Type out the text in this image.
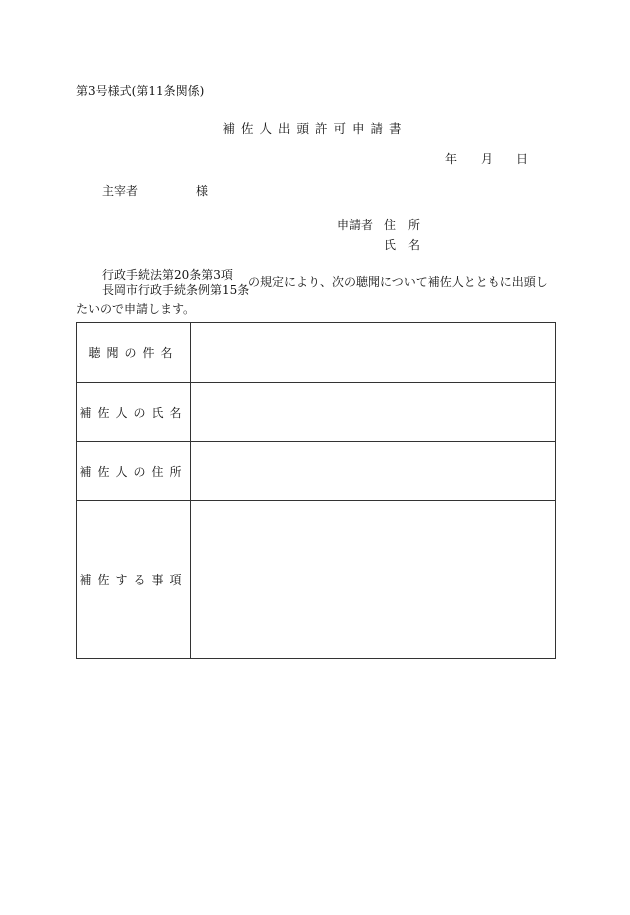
第3号様式(第11条関係)
補佐人出頭許可申請書
年 月 日
主宰者	様
申請者 住　所
氏　名
行政手続法第20条第3項
長岡市行政手続条例第15条
の規定により、次の聴聞について補佐人とともに出頭し
たいので申請します。
聴聞の件名	
補佐人の氏名	
補佐人の住所	
補佐する事項	
